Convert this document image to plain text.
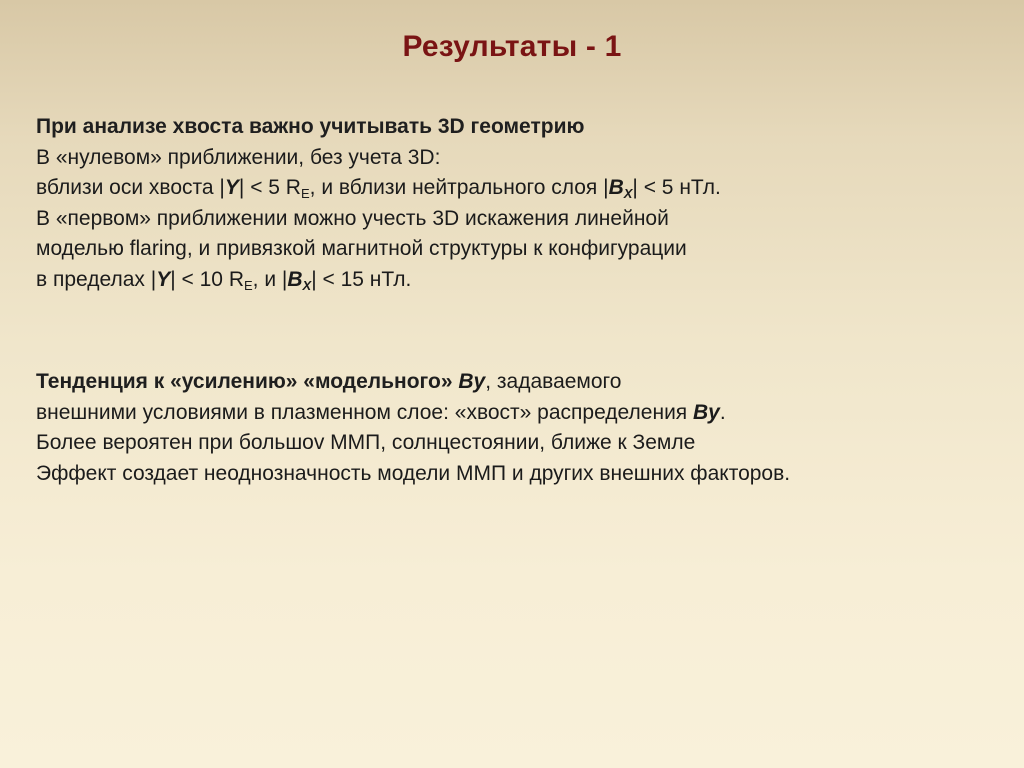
Результаты - 1
При анализе хвоста важно учитывать 3D геометрию
В «нулевом» приближении, без учета 3D:
вблизи оси хвоста |Y| < 5 $R_E$, и вблизи нейтрального слоя $|B_X| < 5$ нТл.
В «первом» приближении можно учесть 3D искажения линейной
моделью flaring, и привязкой магнитной структуры к конфигурации
в пределах |Y| < 10 $R_E$, и $|B_X| < 15$ нТл.
Тенденция к «усилению» «модельного» By, задаваемого
внешними условиями в плазменном слое: «хвост» распределения By.
Более вероятен при большоv ММП, солнцестоянии, ближе к Земле
Эффект создает неоднозначность модели ММП и других внешних факторов.
